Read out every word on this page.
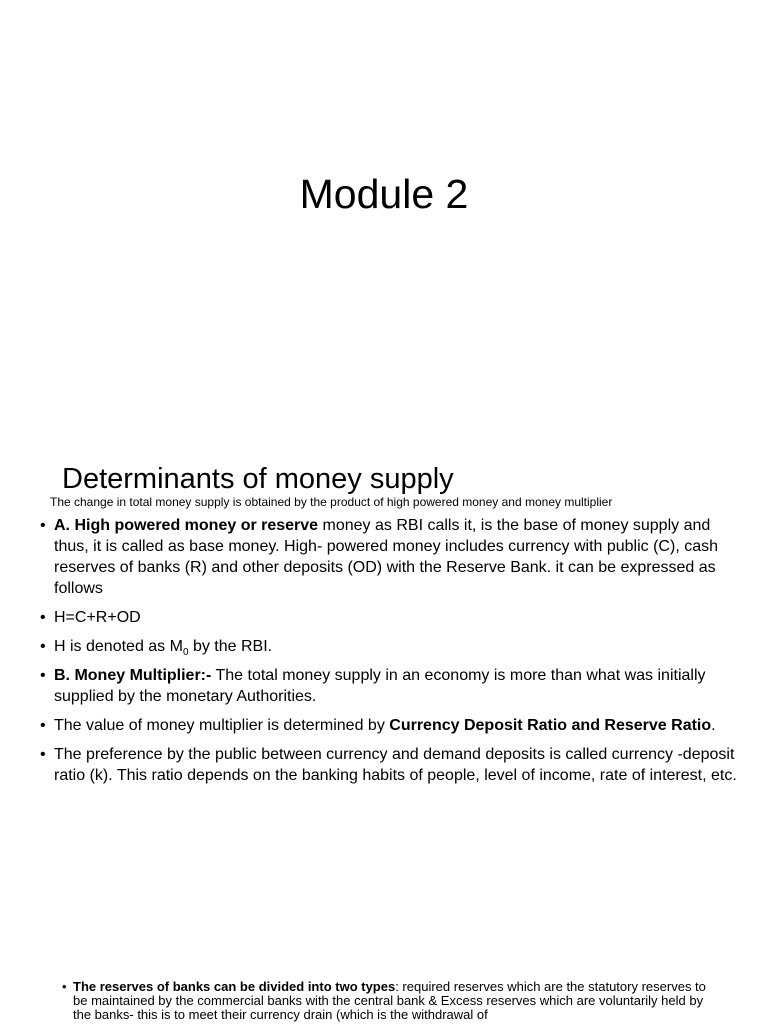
Module 2
Determinants of money supply

The change in total money supply is obtained by the product of high powered money and money multiplier

• A. High powered money or reserve money as RBI calls it, is the base of money supply and thus, it is called as base money. High- powered money includes currency with public (C), cash reserves of banks (R) and other deposits (OD) with the Reserve Bank. it can be expressed as follows
• H=C+R+OD
• H is denoted as $M_0$ by the RBI.
• B. Money Multiplier:- The total money supply in an economy is more than what was initially supplied by the monetary Authorities.
• The value of money multiplier is determined by Currency Deposit Ratio and Reserve Ratio.
• The preference by the public between currency and demand deposits is called currency -deposit ratio (k). This ratio depends on the banking habits of people, level of income, rate of interest, etc.
• The reserves of banks can be divided into two types: required reserves which are the statutory reserves to be maintained by the commercial banks with the central bank & Excess reserves which are voluntarily held by the banks- this is to meet their currency drain (which is the withdrawal of
